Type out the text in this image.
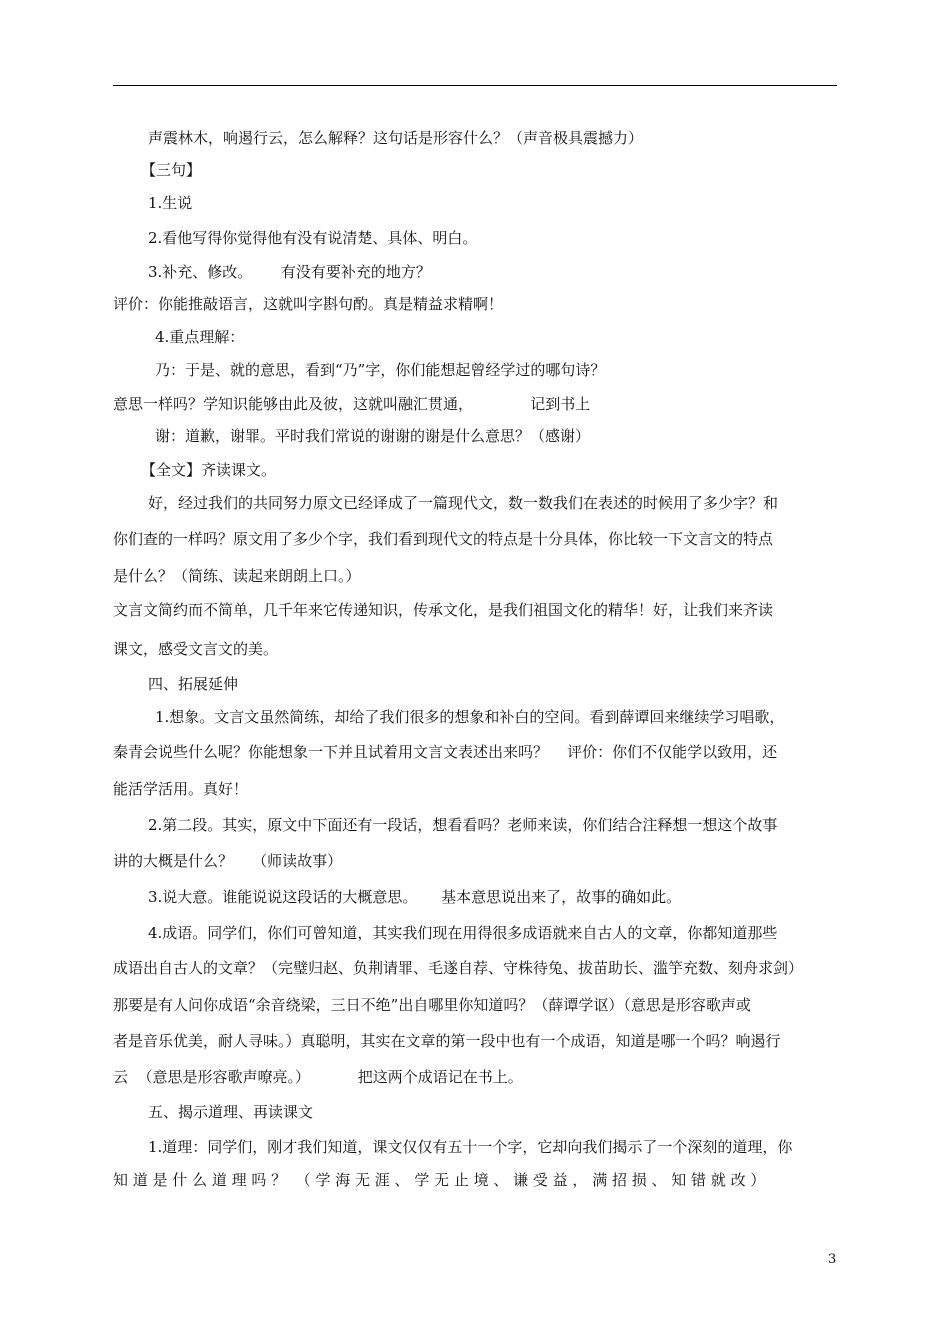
声震林木，响遏行云，怎么解释？这句话是形容什么？（声音极具震撼力）
【三句】
1.生说
2.看他写得你觉得他有没有说清楚、具体、明白。
3.补充、修改。      有没有要补充的地方？
评价：你能推敲语言，这就叫字斟句酌。真是精益求精啊！
4.重点理解：
乃：于是、就的意思，看到“乃”字，你们能想起曾经学过的哪句诗？
意思一样吗？学知识能够由此及彼，这就叫融汇贯通，            记到书上
谢：道歉，谢罪。平时我们常说的谢谢的谢是什么意思？（感谢）
【全文】齐读课文。
好，经过我们的共同努力原文已经译成了一篇现代文，数一数我们在表述的时候用了多少字？和
你们查的一样吗？原文用了多少个字，我们看到现代文的特点是十分具体，你比较一下文言文的特点
是什么？（简练、读起来朗朗上口。）
文言文简约而不简单，几千年来它传递知识，传承文化，是我们祖国文化的精华！好，让我们来齐读
课文，感受文言文的美。
四、拓展延伸
1.想象。文言文虽然简练，却给了我们很多的想象和补白的空间。看到薛谭回来继续学习唱歌，
秦青会说些什么呢？你能想象一下并且试着用文言文表述出来吗？    评价：你们不仅能学以致用，还
能活学活用。真好！
2.第二段。其实，原文中下面还有一段话，想看看吗？老师来读，你们结合注释想一想这个故事
讲的大概是什么？    （师读故事）
3.说大意。谁能说说这段话的大概意思。     基本意思说出来了，故事的确如此。
4.成语。同学们，你们可曾知道，其实我们现在用得很多成语就来自古人的文章，你都知道那些
成语出自古人的文章？（完璧归赵、负荆请罪、毛遂自荐、守株待兔、拔苗助长、滥竽充数、刻舟求剑）
那要是有人问你成语“余音绕梁，三日不绝”出自哪里你知道吗？（薛谭学讴）（意思是形容歌声或
者是音乐优美，耐人寻味。）真聪明，其实在文章的第一段中也有一个成语，知道是哪一个吗？响遏行
云  （意思是形容歌声嘹亮。）          把这两个成语记在书上。
五、揭示道理、再读课文
1.道理：同学们，刚才我们知道，课文仅仅有五十一个字，它却向我们揭示了一个深刻的道理，你
知 道 是 什 么 道 理 吗 ？  （ 学 海 无 涯 、 学 无 止 境 、 谦 受 益 ， 满 招 损 、 知 错 就 改 ）
3
